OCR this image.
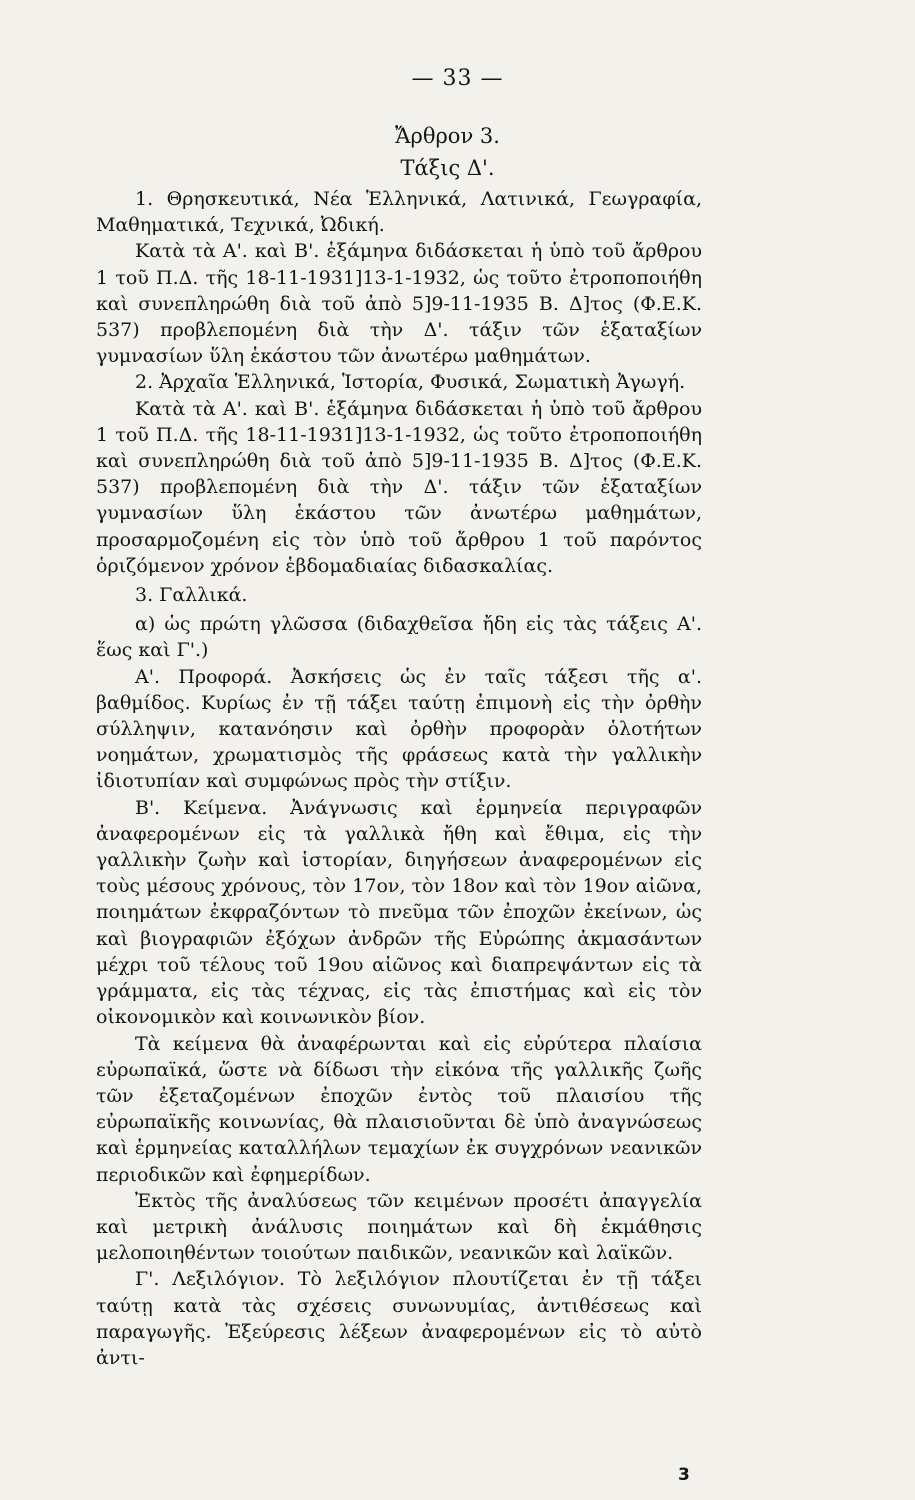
— 33 —
Ἄρθρον 3.
Τάξις Δ'.

1. Θρησκευτικά, Νέα Ἑλληνικά, Λατινικά, Γεωγραφία, Μαθηματικά, Τεχνικά, Ὠδική.

Κατὰ τὰ Α'. καὶ Β'. ἑξάμηνα διδάσκεται ἡ ὑπὸ τοῦ ἄρθρου 1 τοῦ Π.Δ. τῆς 18-11-1931]13-1-1932, ὡς τοῦτο ἐτροποποιήθη καὶ συνεπληρώθη διὰ τοῦ ἀπὸ 5]9-11-1935 Β. Δ]τος (Φ.Ε.Κ. 537) προβλεπομένη διὰ τὴν Δ'. τάξιν τῶν ἑξαταξίων γυμνασίων ὕλη ἑκάστου τῶν ἀνωτέρω μαθημάτων.

2. Ἀρχαῖα Ἑλληνικά, Ἱστορία, Φυσικά, Σωματικὴ Ἀγωγή.

Κατὰ τὰ Α'. καὶ Β'. ἑξάμηνα διδάσκεται ἡ ὑπὸ τοῦ ἄρθρου 1 τοῦ Π.Δ. τῆς 18-11-1931]13-1-1932, ὡς τοῦτο ἐτροποποιήθη καὶ συνεπληρώθη διὰ τοῦ ἀπὸ 5]9-11-1935 Β. Δ]τος (Φ.Ε.Κ. 537) προβλεπομένη διὰ τὴν Δ'. τάξιν τῶν ἑξαταξίων γυμνασίων ὕλη ἑκάστου τῶν ἀνωτέρω μαθημάτων, προσαρμοζομένη εἰς τὸν ὑπὸ τοῦ ἄρθρου 1 τοῦ παρόντος ὁριζόμενον χρόνον ἑβδομαδιαίας διδασκαλίας.

3. Γαλλικά.

α) ὡς πρώτη γλῶσσα (διδαχθεῖσα ἤδη εἰς τὰς τάξεις Α'. ἕως καὶ Γ'.)

Α'. Προφορά. Ἀσκήσεις ὡς ἐν ταῖς τάξεσι τῆς α'. βαθμίδος. Κυρίως ἐν τῇ τάξει ταύτῃ ἐπιμονὴ εἰς τὴν ὀρθὴν σύλληψιν, κατανόησιν καὶ ὀρθὴν προφορὰν ὁλοτήτων νοημάτων, χρωματισμὸς τῆς φράσεως κατὰ τὴν γαλλικὴν ἰδιοτυπίαν καὶ συμφώνως πρὸς τὴν στίξιν.

Β'. Κείμενα. Ἀνάγνωσις καὶ ἑρμηνεία περιγραφῶν ἀναφερομένων εἰς τὰ γαλλικὰ ἤθη καὶ ἔθιμα, εἰς τὴν γαλλικὴν ζωὴν καὶ ἱστορίαν, διηγήσεων ἀναφερομένων εἰς τοὺς μέσους χρόνους, τὸν 17ον, τὸν 18ον καὶ τὸν 19ον αἰῶνα, ποιημάτων ἐκφραζόντων τὸ πνεῦμα τῶν ἐποχῶν ἐκείνων, ὡς καὶ βιογραφιῶν ἐξόχων ἀνδρῶν τῆς Εὐρώπης ἀκμασάντων μέχρι τοῦ τέλους τοῦ 19ου αἰῶνος καὶ διαπρεψάντων εἰς τὰ γράμματα, εἰς τὰς τέχνας, εἰς τὰς ἐπιστήμας καὶ εἰς τὸν οἰκονομικὸν καὶ κοινωνικὸν βίον.

Τὰ κείμενα θὰ ἀναφέρωνται καὶ εἰς εὐρύτερα πλαίσια εὐρωπαϊκά, ὥστε νὰ δίδωσι τὴν εἰκόνα τῆς γαλλικῆς ζωῆς τῶν ἐξεταζομένων ἐποχῶν ἐντὸς τοῦ πλαισίου τῆς εὐρωπαϊκῆς κοινωνίας, θὰ πλαισιοῦνται δὲ ὑπὸ ἀναγνώσεως καὶ ἑρμηνείας καταλλήλων τεμαχίων ἐκ συγχρόνων νεανικῶν περιοδικῶν καὶ ἐφημερίδων.

Ἐκτὸς τῆς ἀναλύσεως τῶν κειμένων προσέτι ἀπαγγελία καὶ μετρικὴ ἀνάλυσις ποιημάτων καὶ δὴ ἐκμάθησις μελοποιηθέντων τοιούτων παιδικῶν, νεανικῶν καὶ λαϊκῶν.

Γ'. Λεξιλόγιον. Τὸ λεξιλόγιον πλουτίζεται ἐν τῇ τάξει ταύτῃ κατὰ τὰς σχέσεις συνωνυμίας, ἀντιθέσεως καὶ παραγωγῆς. Ἐξεύρεσις λέξεων ἀναφερομένων εἰς τὸ αὐτὸ ἀντι-

3
